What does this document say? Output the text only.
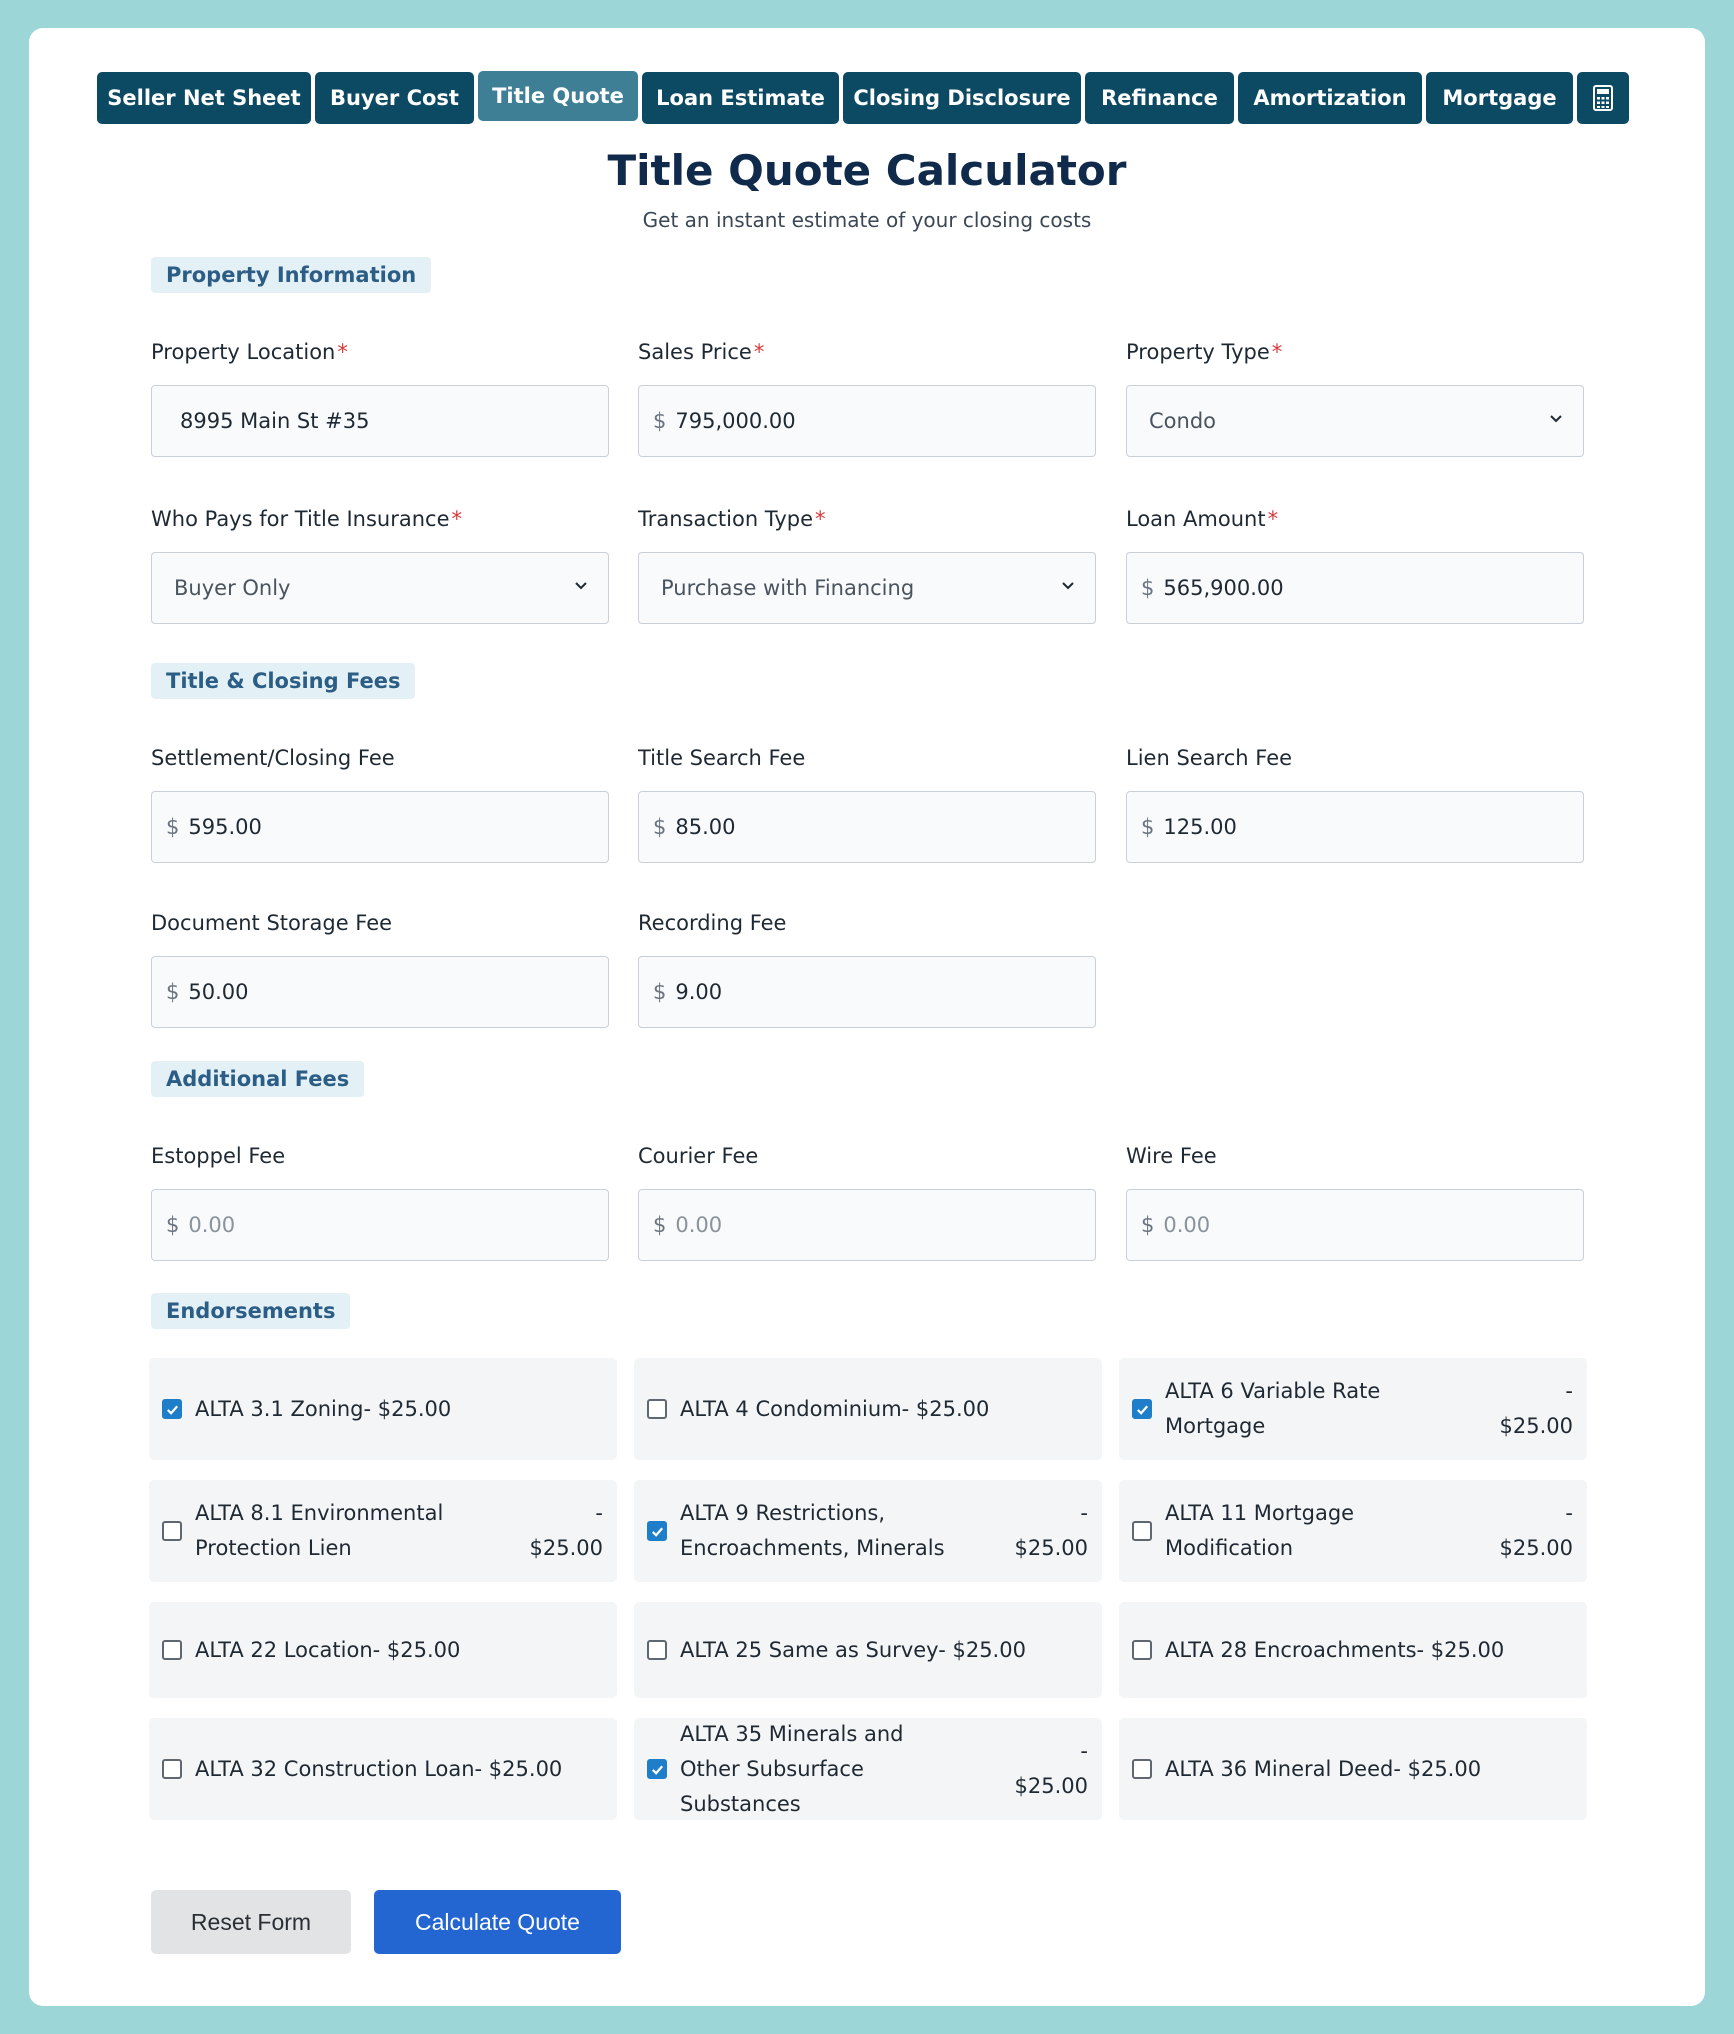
Seller Net Sheet	Buyer Cost	Title Quote	Loan Estimate	Closing Disclosure	Refinance	Amortization	Mortgage
Title Quote Calculator
Get an instant estimate of your closing costs
Property Information
Property Location*
8995 Main St #35
Sales Price*
$ 795,000.00
Property Type*
Condo
Who Pays for Title Insurance*
Buyer Only
Transaction Type*
Purchase with Financing
Loan Amount*
$ 565,900.00
Title & Closing Fees
Settlement/Closing Fee
$ 595.00
Title Search Fee
$ 85.00
Lien Search Fee
$ 125.00
Document Storage Fee
$ 50.00
Recording Fee
$ 9.00
Additional Fees
Estoppel Fee
$ 0.00
Courier Fee
$ 0.00
Wire Fee
$ 0.00
Endorsements
ALTA 3.1 Zoning- $25.00	ALTA 4 Condominium- $25.00
ALTA 6 Variable Rate Mortgage
-
$25.00
ALTA 8.1 Environmental Protection Lien
-
$25.00
ALTA 9 Restrictions, Encroachments, Minerals
-
$25.00
ALTA 11 Mortgage Modification
-
$25.00
ALTA 22 Location- $25.00	ALTA 25 Same as Survey- $25.00	ALTA 28 Encroachments- $25.00
ALTA 32 Construction Loan- $25.00
ALTA 35 Minerals and Other Subsurface Substances
-
$25.00
ALTA 36 Mineral Deed- $25.00
Reset Form	Calculate Quote
